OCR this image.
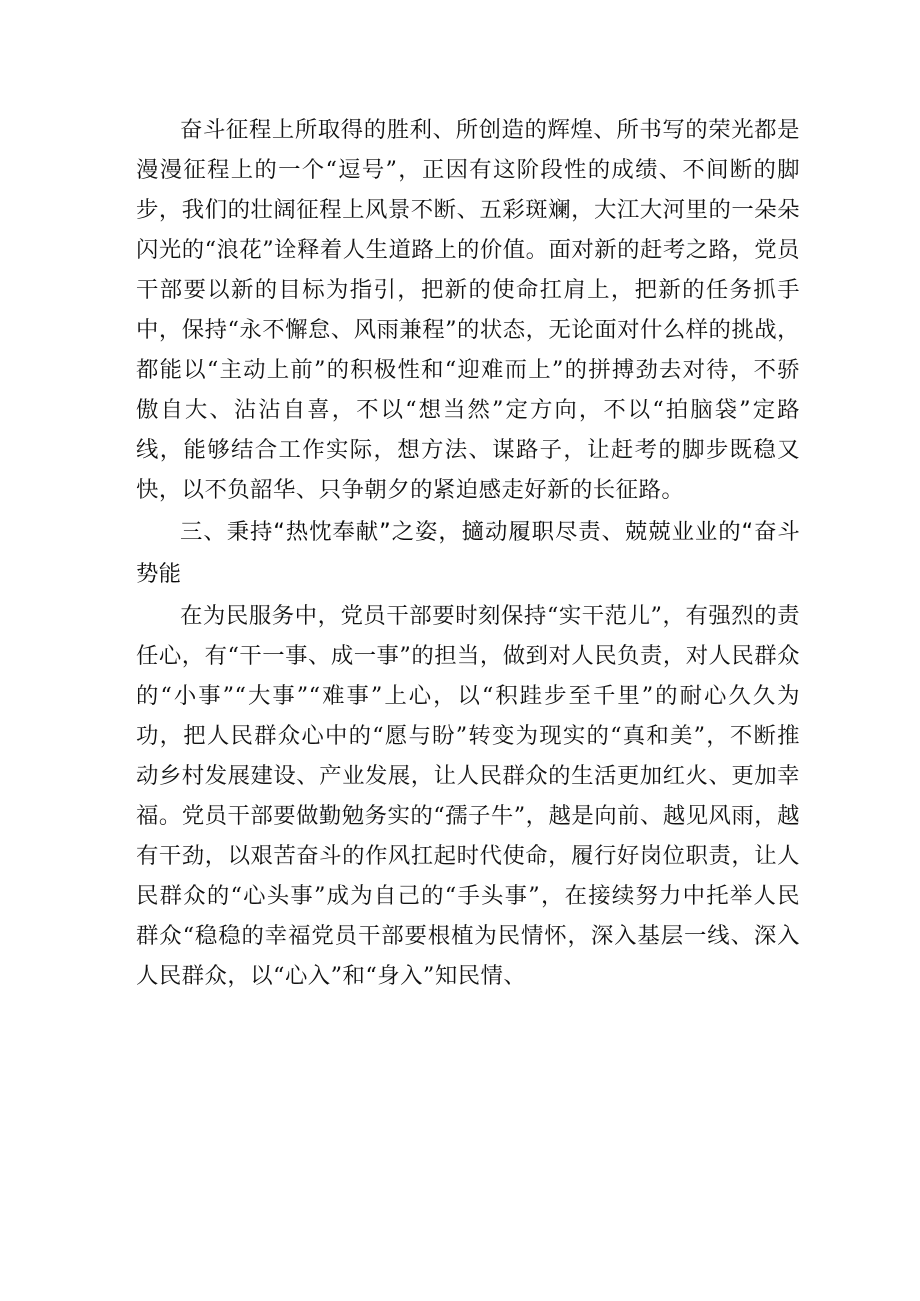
奋斗征程上所取得的胜利、所创造的辉煌、所书写的荣光都是漫漫征程上的一个“逗号”，正因有这阶段性的成绩、不间断的脚步，我们的壮阔征程上风景不断、五彩斑斓，大江大河里的一朵朵闪光的“浪花”诠释着人生道路上的价值。面对新的赶考之路，党员干部要以新的目标为指引，把新的使命扛肩上，把新的任务抓手中，保持“永不懈怠、风雨兼程”的状态，无论面对什么样的挑战，都能以“主动上前”的积极性和“迎难而上”的拼搏劲去对待，不骄傲自大、沾沾自喜，不以“想当然”定方向，不以“拍脑袋”定路线，能够结合工作实际，想方法、谋路子，让赶考的脚步既稳又快，以不负韶华、只争朝夕的紧迫感走好新的长征路。

三、秉持“热忱奉献”之姿，擿动履职尽责、兢兢业业的“奋斗势能

在为民服务中，党员干部要时刻保持“实干范儿”，有强烈的责任心，有“干一事、成一事”的担当，做到对人民负责，对人民群众的“小事”“大事”“难事”上心，以“积跬步至千里”的耐心久久为功，把人民群众心中的“愿与盼”转变为现实的“真和美”，不断推动乡村发展建设、产业发展，让人民群众的生活更加红火、更加幸福。党员干部要做勤勉务实的“孺子牛”，越是向前、越见风雨，越有干劲，以艰苦奋斗的作风扛起时代使命，履行好岗位职责，让人民群众的“心头事”成为自己的“手头事”，在接续努力中托举人民群众“稳稳的幸福党员干部要根植为民情怀，深入基层一线、深入人民群众，以“心入”和“身入”知民情、
